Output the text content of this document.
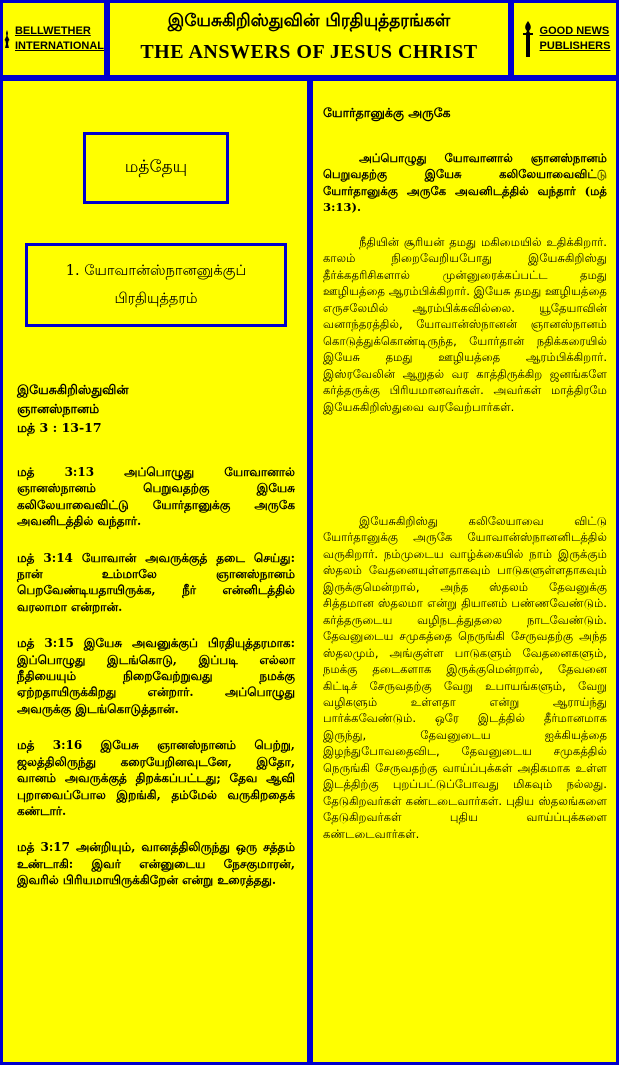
BELLWETHER
INTERNATIONAL
இயேசுகிறிஸ்துவின் பிரதியுத்தரங்கள்
THE ANSWERS OF JESUS CHRIST
GOOD NEWS
PUBLISHERS
மத்தேயு
1. யோவான்ஸ்நானனுக்குப்
பிரதியுத்தரம்
இயேசுகிறிஸ்துவின்
ஞானஸ்நானம்
மத் 3 : 13-17

மத் 3:13 அப்பொழுது யோவானால் ஞானஸ்நானம் பெறுவதற்கு இயேசு கலிலேயாவைவிட்டு யோர்தானுக்கு அருகே அவனிடத்தில் வந்தார்.

மத் 3:14 யோவான் அவருக்குத் தடை செய்து: நான் உம்மாலே ஞானஸ்நானம் பெறவேண்டியதாயிருக்க, நீர் என்னிடத்தில் வரலாமா என்றான்.

மத் 3:15 இயேசு அவனுக்குப் பிரதியுத்தரமாக: இப்பொழுது இடங்கொடு, இப்படி எல்லா நீதியையும் நிறைவேற்றுவது நமக்கு ஏற்றதாயிருக்கிறது என்றார். அப்பொழுது அவருக்கு இடங்கொடுத்தான்.

மத் 3:16 இயேசு ஞானஸ்நானம் பெற்று, ஜலத்திலிருந்து கரையேறினவுடனே, இதோ, வானம் அவருக்குத் திறக்கப்பட்டது; தேவ ஆவி புறாவைப்போல இறங்கி, தம்மேல் வருகிறதைக் கண்டார்.

மத் 3:17 அன்றியும், வானத்திலிருந்து ஒரு சத்தம் உண்டாகி: இவர் என்னுடைய நேசகுமாரன், இவரில் பிரியமாயிருக்கிறேன் என்று உரைத்தது.

யோர்தானுக்கு அருகே

அப்பொழுது யோவானால் ஞானஸ்நானம் பெறுவதற்கு இயேசு கலிலேயாவைவிட்டு யோர்தானுக்கு அருகே அவனிடத்தில் வந்தார் (மத் 3:13).

நீதியின் சூரியன் தமது மகிமையில் உதிக்கிறார். காலம் நிறைவேறியபோது இயேசுகிறிஸ்து தீர்க்கதரிசிகளால் முன்னுரைக்கப்பட்ட தமது ஊழியத்தை ஆரம்பிக்கிறார். இயேசு தமது ஊழியத்தை எருசலேமில் ஆரம்பிக்கவில்லை. யூதேயாவின் வனாந்தரத்தில், யோவான்ஸ்நானன் ஞானஸ்நானம் கொடுத்துக்கொண்டிருந்த, யோர்தான் நதிக்கரையில் இயேசு தமது ஊழியத்தை ஆரம்பிக்கிறார். இஸ்ரவேலின் ஆறுதல் வர காத்திருக்கிற ஜனங்களே கர்த்தருக்கு பிரியமானவர்கள். அவர்கள் மாத்திரமே இயேசுகிறிஸ்துவை வரவேற்பார்கள்.

இயேசுகிறிஸ்து கலிலேயாவை விட்டு யோர்தானுக்கு அருகே யோவான்ஸ்நானனிடத்தில் வருகிறார். நம்முடைய வாழ்க்கையில் நாம் இருக்கும் ஸ்தலம் வேதனையுள்ளதாகவும் பாடுகளுள்ளதாகவும் இருக்குமென்றால், அந்த ஸ்தலம் தேவனுக்கு சித்தமான ஸ்தலமா என்று தியானம் பண்ணவேண்டும். கர்த்தருடைய வழிநடத்துதலை நாடவேண்டும். தேவனுடைய சமுகத்தை நெருங்கி சேருவதற்கு அந்த ஸ்தலமும், அங்குள்ள பாடுகளும் வேதனைகளும், நமக்கு தடைகளாக இருக்குமென்றால், தேவனை கிட்டிச் சேருவதற்கு வேறு உபாயங்களும், வேறு வழிகளும் உள்ளதா என்று ஆராய்ந்து பார்க்கவேண்டும். ஒரே இடத்தில் தீர்மானமாக இருந்து, தேவனுடைய ஐக்கியத்தை இழந்துபோவதைவிட, தேவனுடைய சமுகத்தில் நெருங்கி சேருவதற்கு வாய்ப்புக்கள் அதிகமாக உள்ள இடத்திற்கு புறப்பட்டுப்போவது மிகவும் நல்லது. தேடுகிறவர்கள் கண்டடைவார்கள். புதிய ஸ்தலங்களை தேடுகிறவர்கள் புதிய வாய்ப்புக்களை கண்டடைவார்கள்.
